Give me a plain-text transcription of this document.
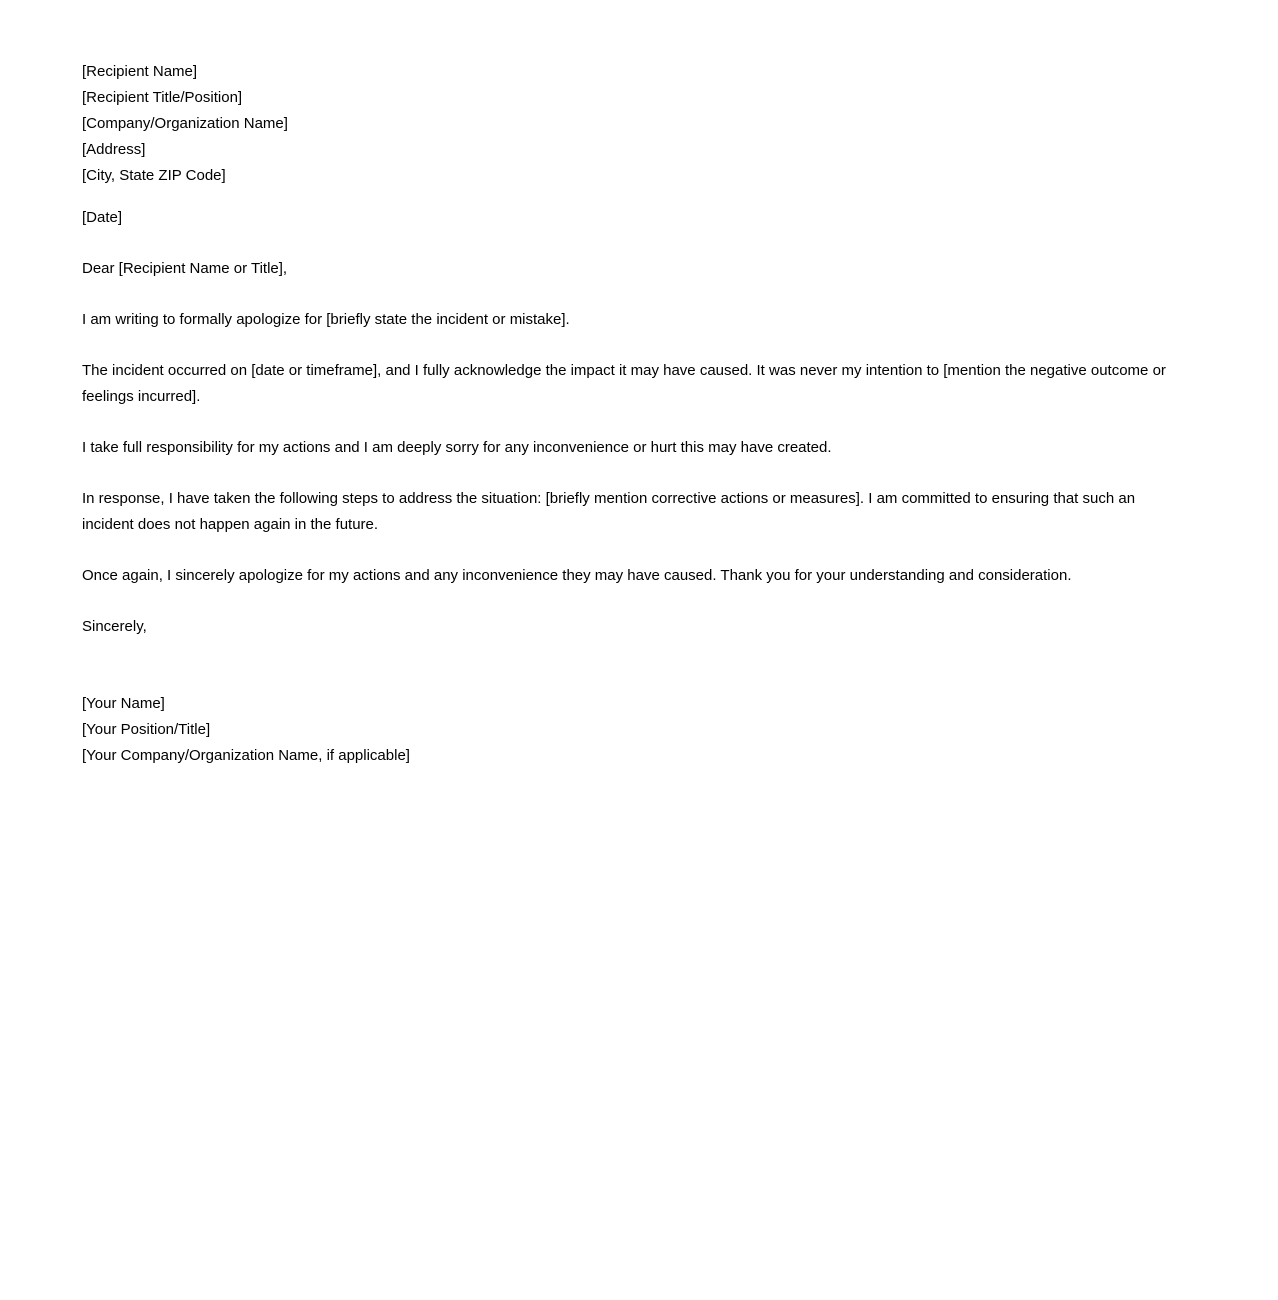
[Recipient Name]
[Recipient Title/Position]
[Company/Organization Name]
[Address]
[City, State ZIP Code]

[Date]

Dear [Recipient Name or Title],

I am writing to formally apologize for [briefly state the incident or mistake].

The incident occurred on [date or timeframe], and I fully acknowledge the impact it may have caused. It was never my intention to [mention the negative outcome or feelings incurred].

I take full responsibility for my actions and I am deeply sorry for any inconvenience or hurt this may have created.

In response, I have taken the following steps to address the situation: [briefly mention corrective actions or measures]. I am committed to ensuring that such an incident does not happen again in the future.

Once again, I sincerely apologize for my actions and any inconvenience they may have caused. Thank you for your understanding and consideration.

Sincerely,

[Your Name]
[Your Position/Title]
[Your Company/Organization Name, if applicable]
